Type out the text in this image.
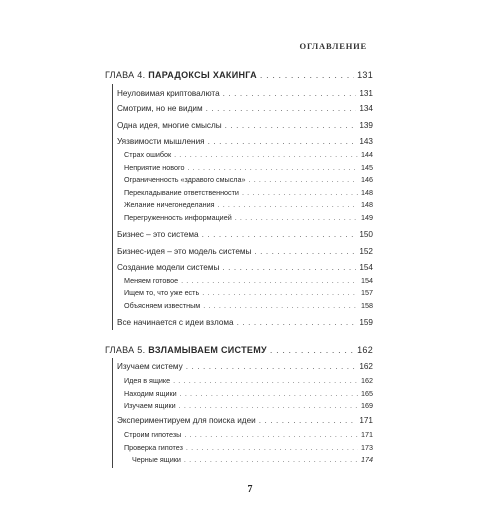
ОГЛАВЛЕНИЕ
ГЛАВА 4. ПАРАДОКСЫ ХАКИНГА . . .	131
Неуловимая криптовалюта . . .	131
Смотрим, но не видим . . .	134
Одна идея, многие смыслы . . .	139
Уязвимости мышления . . .	143
Страх ошибок . . .	144
Неприятие нового . . .	145
Ограниченность «здравого смысла» . . .	146
Перекладывание ответственности . . .	148
Желание ничегонеделания . . .	148
Перегруженность информацией . . .	149
Бизнес – это система . . .	150
Бизнес-идея – это модель системы . . .	152
Создание модели системы . . .	154
Меняем готовое . . .	154
Ищем то, что уже есть . . .	157
Объясняем известным . . .	158
Все начинается с идеи взлома . . .	159
ГЛАВА 5. ВЗЛАМЫВАЕМ СИСТЕМУ . . .	162
Изучаем систему . . .	162
Идея в ящике . . .	162
Находим ящики . . .	165
Изучаем ящики . . .	169
Экспериментируем для поиска идеи . . .	171
Строим гипотезы . . .	171
Проверка гипотез . . .	173
Черные ящики . . .	174
7
